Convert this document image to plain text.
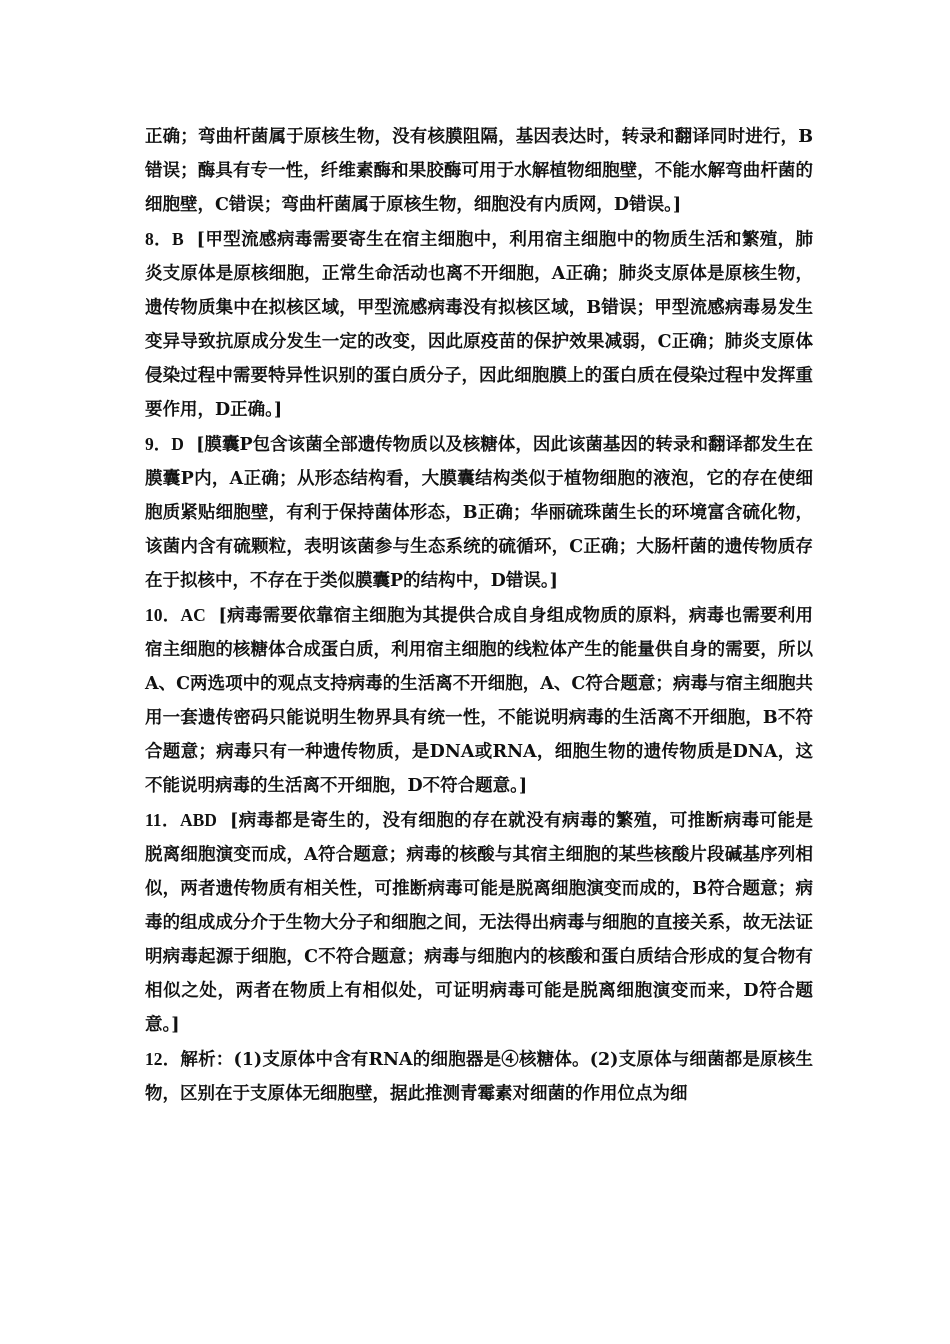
正确；弯曲杆菌属于原核生物，没有核膜阻隔，基因表达时，转录和翻译同时进行，B错误；酶具有专一性，纤维素酶和果胶酶可用于水解植物细胞壁，不能水解弯曲杆菌的细胞壁，C错误；弯曲杆菌属于原核生物，细胞没有内质网，D错误。]

8．B [甲型流感病毒需要寄生在宿主细胞中，利用宿主细胞中的物质生活和繁殖，肺炎支原体是原核细胞，正常生命活动也离不开细胞，A正确；肺炎支原体是原核生物，遗传物质集中在拟核区域，甲型流感病毒没有拟核区域，B错误；甲型流感病毒易发生变异导致抗原成分发生一定的改变，因此原疫苗的保护效果减弱，C正确；肺炎支原体侵染过程中需要特异性识别的蛋白质分子，因此细胞膜上的蛋白质在侵染过程中发挥重要作用，D正确。]

9．D [膜囊P包含该菌全部遗传物质以及核糖体，因此该菌基因的转录和翻译都发生在膜囊P内，A正确；从形态结构看，大膜囊结构类似于植物细胞的液泡，它的存在使细胞质紧贴细胞壁，有利于保持菌体形态，B正确；华丽硫珠菌生长的环境富含硫化物，该菌内含有硫颗粒，表明该菌参与生态系统的硫循环，C正确；大肠杆菌的遗传物质存在于拟核中，不存在于类似膜囊P的结构中，D错误。]

10．AC [病毒需要依靠宿主细胞为其提供合成自身组成物质的原料，病毒也需要利用宿主细胞的核糖体合成蛋白质，利用宿主细胞的线粒体产生的能量供自身的需要，所以A、C两选项中的观点支持病毒的生活离不开细胞，A、C符合题意；病毒与宿主细胞共用一套遗传密码只能说明生物界具有统一性，不能说明病毒的生活离不开细胞，B不符合题意；病毒只有一种遗传物质，是DNA或RNA，细胞生物的遗传物质是DNA，这不能说明病毒的生活离不开细胞，D不符合题意。]

11．ABD [病毒都是寄生的，没有细胞的存在就没有病毒的繁殖，可推断病毒可能是脱离细胞演变而成，A符合题意；病毒的核酸与其宿主细胞的某些核酸片段碱基序列相似，两者遗传物质有相关性，可推断病毒可能是脱离细胞演变而成的，B符合题意；病毒的组成成分介于生物大分子和细胞之间，无法得出病毒与细胞的直接关系，故无法证明病毒起源于细胞，C不符合题意；病毒与细胞内的核酸和蛋白质结合形成的复合物有相似之处，两者在物质上有相似处，可证明病毒可能是脱离细胞演变而来，D符合题意。]

12．解析：(1)支原体中含有RNA的细胞器是④核糖体。(2)支原体与细菌都是原核生物，区别在于支原体无细胞壁，据此推测青霉素对细菌的作用位点为细
